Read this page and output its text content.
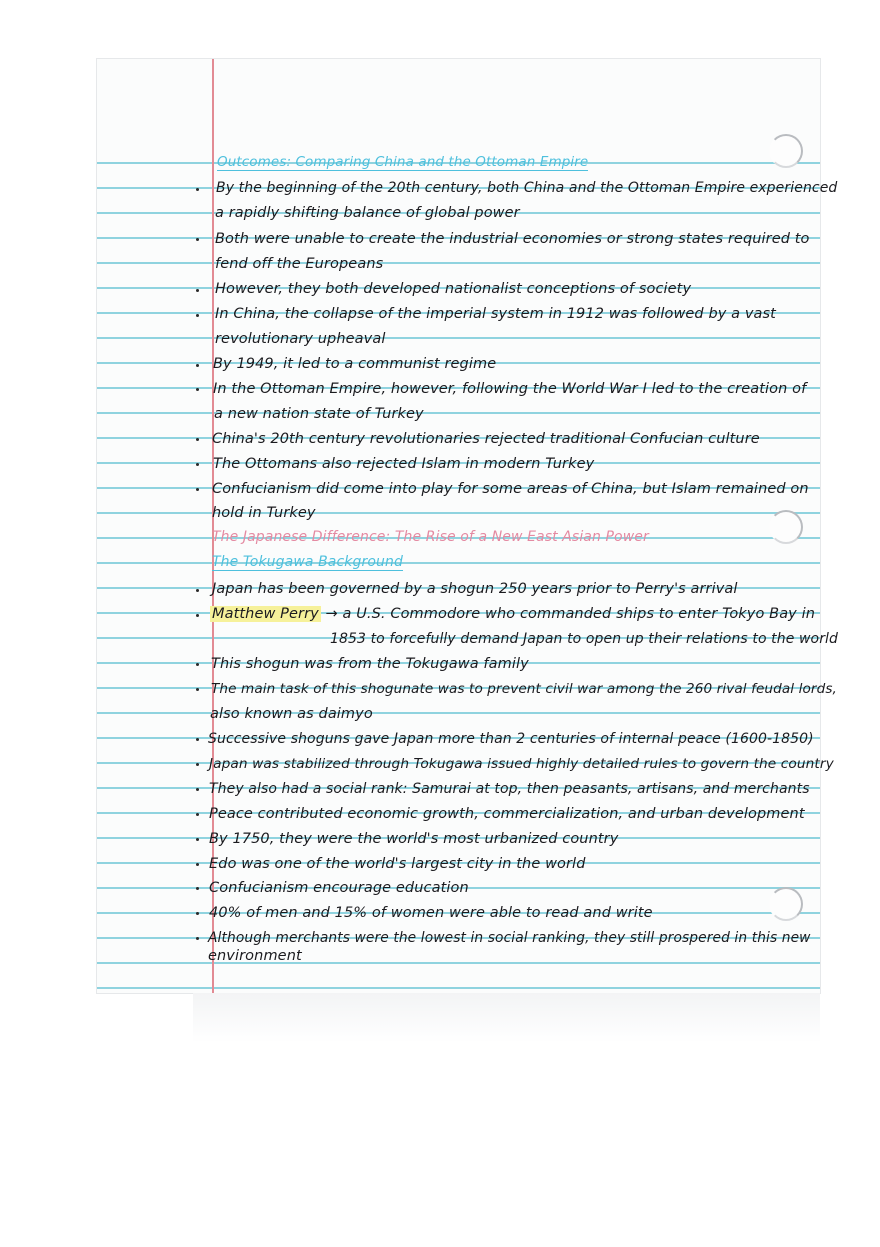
Outcomes: Comparing China and the Ottoman Empire
By the beginning of the 20th century, both China and the Ottoman Empire experienced
a rapidly shifting balance of global power
Both were unable to create the industrial economies or strong states required to
fend off the Europeans
However, they both developed nationalist conceptions of society
In China, the collapse of the imperial system in 1912 was followed by a vast
revolutionary upheaval
By 1949, it led to a communist regime
In the Ottoman Empire, however, following the World War I led to the creation of
a new nation state of Turkey
China's 20th century revolutionaries rejected traditional Confucian culture
The Ottomans also rejected Islam in modern Turkey
Confucianism did come into play for some areas of China, but Islam remained on
hold in Turkey
The Japanese Difference: The Rise of a New East Asian Power
The Tokugawa Background
Japan has been governed by a shogun 250 years prior to Perry's arrival
Matthew Perry → a U.S. Commodore who commanded ships to enter Tokyo Bay in
1853 to forcefully demand Japan to open up their relations to the world
This shogun was from the Tokugawa family
The main task of this shogunate was to prevent civil war among the 260 rival feudal lords,
also known as daimyo
Successive shoguns gave Japan more than 2 centuries of internal peace (1600-1850)
Japan was stabilized through Tokugawa issued highly detailed rules to govern the country
They also had a social rank: Samurai at top, then peasants, artisans, and merchants
Peace contributed economic growth, commercialization, and urban development
By 1750, they were the world's most urbanized country
Edo was one of the world's largest city in the world
Confucianism encourage education
40% of men and 15% of women were able to read and write
Although merchants were the lowest in social ranking, they still prospered in this new
environment
